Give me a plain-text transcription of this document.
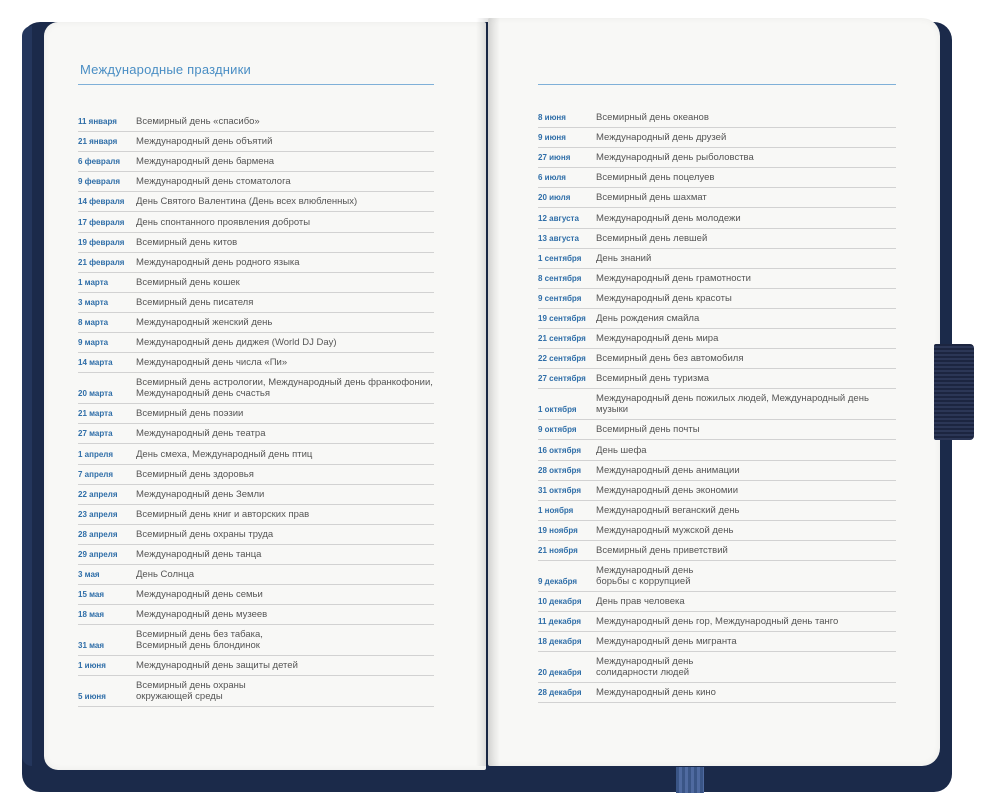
Международные праздники
11 января	Всемирный день «спасибо»
21 января	Международный день объятий
6 февраля	Международный день бармена
9 февраля	Международный день стоматолога
14 февраля	День Святого Валентина (День всех влюбленных)
17 февраля	День спонтанного проявления доброты
19 февраля	Всемирный день китов
21 февраля	Международный день родного языка
1 марта	Всемирный день кошек
3 марта	Всемирный день писателя
8 марта	Международный женский день
9 марта	Международный день диджея (World DJ Day)
14 марта	Международный день числа «Пи»
20 марта
Всемирный день астрологии, Международный день франкофонии,
Международный день счастья
21 марта	Всемирный день поэзии
27 марта	Международный день театра
1 апреля	День смеха, Международный день птиц
7 апреля	Всемирный день здоровья
22 апреля	Международный день Земли
23 апреля	Всемирный день книг и авторских прав
28 апреля	Всемирный день охраны труда
29 апреля	Международный день танца
3 мая	День Солнца
15 мая	Международный день семьи
18 мая	Международный день музеев
31 мая
Всемирный день без табака,
Всемирный день блондинок
1 июня	Международный день защиты детей
5 июня
Всемирный день охраны
окружающей среды
8 июня	Всемирный день океанов
9 июня	Международный день друзей
27 июня	Международный день рыболовства
6 июля	Всемирный день поцелуев
20 июля	Всемирный день шахмат
12 августа	Международный день молодежи
13 августа	Всемирный день левшей
1 сентября	День знаний
8 сентября	Международный день грамотности
9 сентября	Международный день красоты
19 сентября	День рождения смайла
21 сентября	Международный день мира
22 сентября	Всемирный день без автомобиля
27 сентября	Всемирный день туризма
1 октября
Международный день пожилых людей, Международный день
музыки
9 октября	Всемирный день почты
16 октября	День шефа
28 октября	Международный день анимации
31 октября	Международный день экономии
1 ноября	Международный веганский день
19 ноября	Международный мужской день
21 ноября	Всемирный день приветствий
9 декабря
Международный день
борьбы с коррупцией
10 декабря	День прав человека
11 декабря	Международный день гор, Международный день танго
18 декабря	Международный день мигранта
20 декабря
Международный день
солидарности людей
28 декабря	Международный день кино
